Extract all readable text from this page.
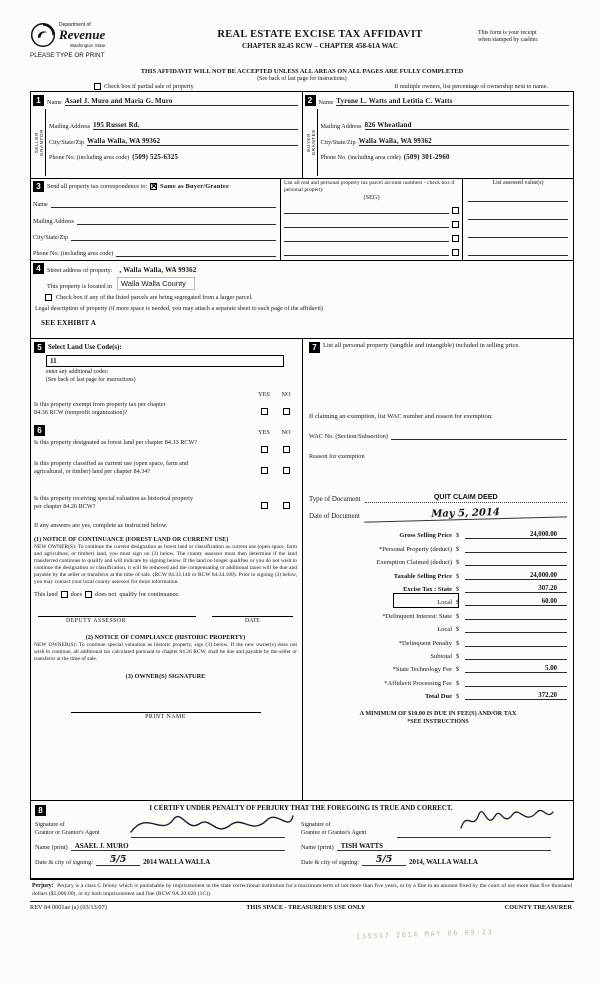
Department of
Revenue
Washington State
PLEASE TYPE OR PRINT
REAL ESTATE EXCISE TAX AFFIDAVIT
CHAPTER 82.45 RCW – CHAPTER 458-61A WAC
This form is your receipt
when stamped by cashier.
THIS AFFIDAVIT WILL NOT BE ACCEPTED UNLESS ALL AREAS ON ALL PAGES ARE FULLY COMPLETED
(See back of last page for instructions)
Check box if partial sale of property	If multiple owners, list percentage of ownership next to name.
1	Name Asael J. Muro and Maria G. Muro
SELLER GRANTOR
Mailing Address 195 Russet Rd.
City/State/Zip Walla Walla, WA 99362
Phone No. (including area code) (509) 525-6325
2	Name Tyrone L. Watts and Letitia C. Watts
BUYER GRANTEE
Mailing Address 826 Wheatland
City/State/Zip Walla Walla, WA 99362
Phone No. (including area code) (509) 301-2960
3	Send all property tax correspondence to: ✕ Same as Buyer/Grantee
Name
Mailing Address
City/State/Zip
Phone No. (including area code)
List all real and personal property tax parcel account numbers - check box if personal property
(SEG)
List assessed value(s)
4	Street address of property: , Walla Walla, WA 99362
This property is located in	Walla Walla County
Check box if any of the listed parcels are being segregated from a larger parcel.
Legal description of property (if more space is needed, you may attach a separate sheet to each page of the affidavit)
SEE EXHIBIT A
5 Select Land Use Code(s):
11
enter any additional codes:
(See back of last page for instructions)
YES	NO
Is this property exempt from property tax per chapter
84.36 RCW (nonprofit organization)?
6	YES	NO
Is this property designated as forest land per chapter 84.33 RCW?
Is this property classified as current use (open space, farm and
agricultural, or timber) land per chapter 84.34?
Is this property receiving special valuation as historical property
per chapter 84.26 RCW?
If any answers are yes, complete as instructed below.
(1) NOTICE OF CONTINUANCE (FOREST LAND OR CURRENT USE)
NEW OWNER(S): To continue the current designation as forest land or classification as current use (open space, farm and agriculture, or timber) land, you must sign on (3) below. The county assessor must then determine if the land transferred continues to qualify and will indicate by signing below. If the land no longer qualifies or you do not wish to continue the designation or classification, it will be removed and the compensating or additional taxes will be due and payable by the seller or transferor at the time of sale. (RCW 84.33.140 or RCW 84.34.108). Prior to signing (3) below, you may contact your local county assessor for more information.
This land does does not qualify for continuance.
DEPUTY ASSESSOR	DATE
(2) NOTICE OF COMPLIANCE (HISTORIC PROPERTY)
NEW OWNER(S): To continue special valuation as historic property, sign (3) below. If the new owner(s) does not wish to continue, all additional tax calculated pursuant to chapter 84.26 RCW, shall be due and payable by the seller or transferor at the time of sale.
(3) OWNER(S) SIGNATURE
PRINT NAME
7 List all personal property (tangible and intangible) included in selling price.
If claiming an exemption, list WAC number and reason for exemption:
WAC No. (Section/Subsection)
Reason for exemption
Type of Document	QUIT CLAIM DEED
Date of Document	May 5, 2014
Gross Selling Price $	24,000.00
*Personal Property (deduct) $
Exemption Claimed (deduct) $
Taxable Selling Price $	24,000.00
Excise Tax : State $	307.20
Local $	60.00
*Delinquent Interest: State $
Local $
*Delinquent Penalty $
Subtotal $
*State Technology Fee $	5.00
*Affidavit Processing Fee $
Total Due $	372.20
A MINIMUM OF $10.00 IS DUE IN FEE(S) AND/OR TAX
*SEE INSTRUCTIONS
8	I CERTIFY UNDER PENALTY OF PERJURY THAT THE FOREGOING IS TRUE AND CORRECT.
Signature of
Grantor or Grantor's Agent
Name (print)	ASAEL J. MURO
Date & city of signing:	5/5	2014 WALLA WALLA
Signature of
Grantee or Grantee's Agent
Name (print)	TISH WATTS
Date & city of signing:	5/5	2014, WALLA WALLA
Perjury: Perjury is a class C felony which is punishable by imprisonment in the state correctional institution for a maximum term of not more than five years, or by a fine in an amount fixed by the court of not more than five thousand dollars ($5,000.00), or by both imprisonment and fine (RCW 9A.20.020 (1C)).
REV 84 0001ae (a) (03/13/07)	THIS SPACE - TREASURER'S USE ONLY	COUNTY TREASURER
135517 2014 MAY 06 09:23
